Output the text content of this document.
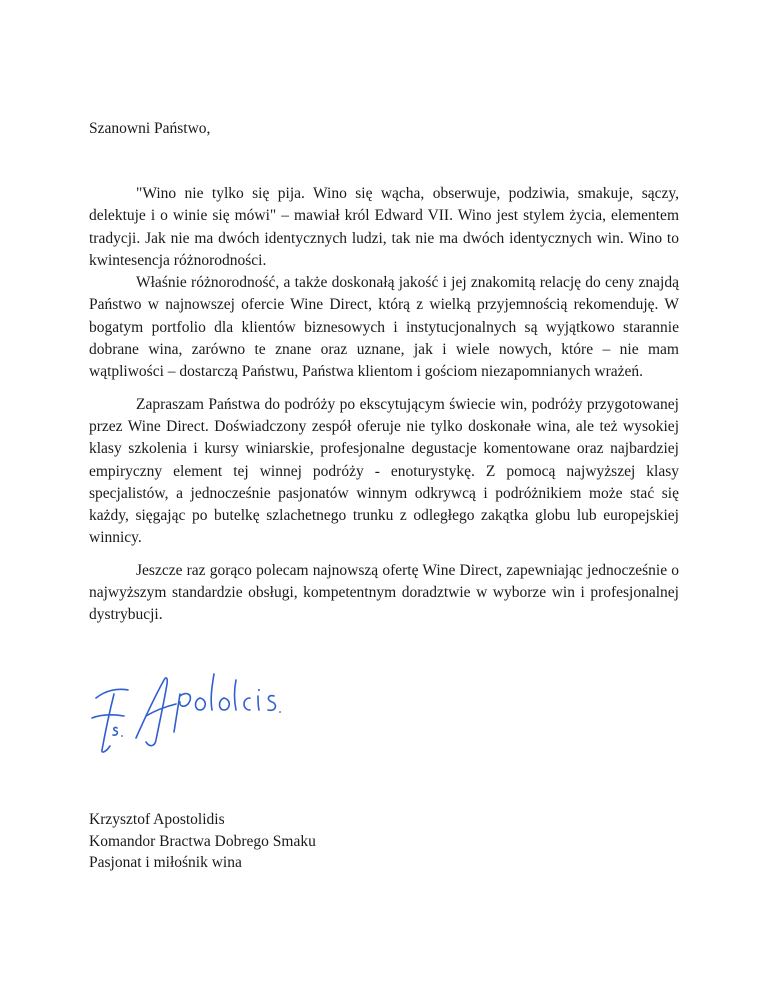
Szanowni Państwo,

"Wino nie tylko się pija. Wino się wącha, obserwuje, podziwia, smakuje, sączy, delektuje i o winie się mówi" – mawiał król Edward VII. Wino jest stylem życia, elementem tradycji. Jak nie ma dwóch identycznych ludzi, tak nie ma dwóch identycznych win. Wino to kwintesencja różnorodności.

Właśnie różnorodność, a także doskonałą jakość i jej znakomitą relację do ceny znajdą Państwo w najnowszej ofercie Wine Direct, którą z wielką przyjemnością rekomenduję. W bogatym portfolio dla klientów biznesowych i instytucjonalnych są wyjątkowo starannie dobrane wina, zarówno te znane oraz uznane, jak i wiele nowych, które – nie mam wątpliwości – dostarczą Państwu, Państwa klientom i gościom niezapomnianych wrażeń.

Zapraszam Państwa do podróży po ekscytującym świecie win, podróży przygotowanej przez Wine Direct. Doświadczony zespół oferuje nie tylko doskonałe wina, ale też wysokiej klasy szkolenia i kursy winiarskie, profesjonalne degustacje komentowane oraz najbardziej empiryczny element tej winnej podróży - enoturystykę. Z pomocą najwyższej klasy specjalistów, a jednocześnie pasjonatów winnym odkrywcą i podróżnikiem może stać się każdy, sięgając po butelkę szlachetnego trunku z odległego zakątka globu lub europejskiej winnicy.

Jeszcze raz gorąco polecam najnowszą ofertę Wine Direct, zapewniając jednocześnie o najwyższym standardzie obsługi, kompetentnym doradztwie w wyborze win i profesjonalnej dystrybucji.

Krzysztof Apostolidis
Komandor Bractwa Dobrego Smaku
Pasjonat i miłośnik wina
